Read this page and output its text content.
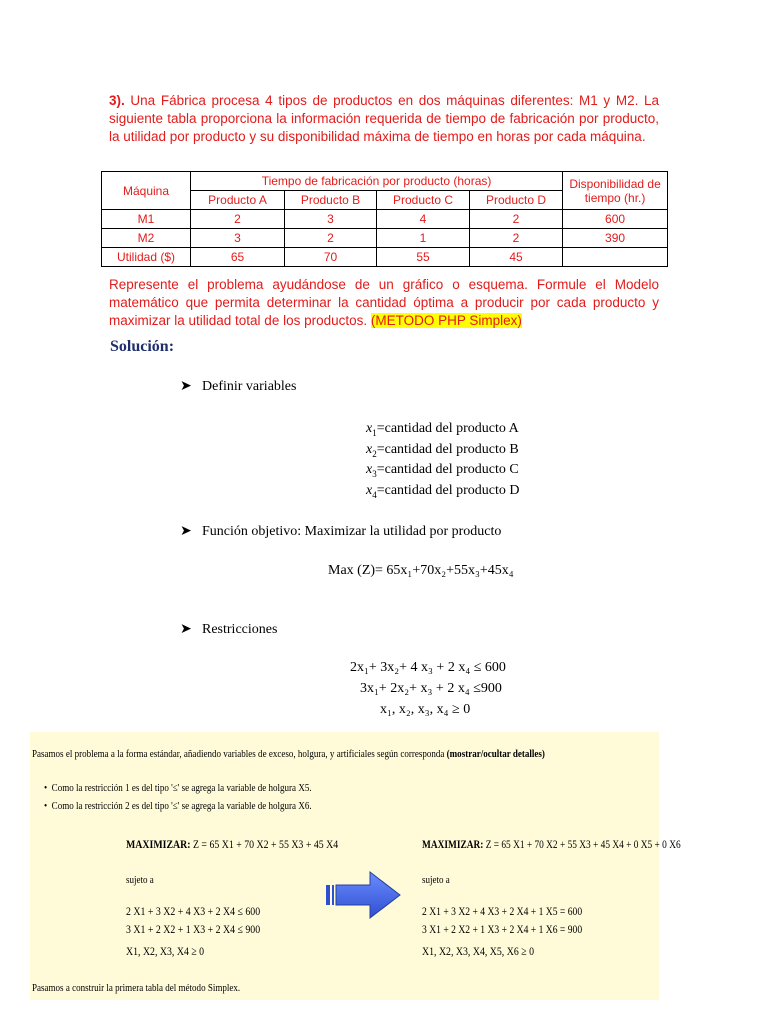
3). Una Fábrica procesa 4 tipos de productos en dos máquinas diferentes: M1 y M2. La siguiente tabla proporciona la información requerida de tiempo de fabricación por producto, la utilidad por producto y su disponibilidad máxima de tiempo en horas por cada máquina.
Máquina	Tiempo de fabricación por producto (horas)				Disponibilidad de tiempo (hr.)
	Producto A	Producto B	Producto C	Producto D	
M1	2	3	4	2	600
M2	3	2	1	2	390
Utilidad ($)	65	70	55	45	
Represente el problema ayudándose de un gráfico o esquema. Formule el Modelo matemático que permita determinar la cantidad óptima a producir por cada producto y maximizar la utilidad total de los productos. (METODO PHP Simplex)
Solución:
➤ Definir variables
$x_1=cantidad$ del producto A
$x_2=cantidad$ del producto B
$x_3=cantidad$ del producto C
$x_4=cantidad$ del producto D
➤ Función objetivo: Maximizar la utilidad por producto
Max (Z)= 65x₁+70x₂+55x₃+45x₄
➤ Restricciones
2x₁+ 3x₂+ 4 x₃ + 2 x₄ ≤ 600
3x₁+ 2x₂+ x₃ + 2 x₄ ≤900
x₁, x₂, x₃, x₄ ≥ 0
Pasamos el problema a la forma estándar, añadiendo variables de exceso, holgura, y artificiales según corresponda (mostrar/ocultar detalles)
• Como la restricción 1 es del tipo '≤' se agrega la variable de holgura X5.
• Como la restricción 2 es del tipo '≤' se agrega la variable de holgura X6.
MAXIMIZAR: Z = 65 X1 + 70 X2 + 55 X3 + 45 X4
sujeto a
2 X1 + 3 X2 + 4 X3 + 2 X4 ≤ 600
3 X1 + 2 X2 + 1 X3 + 2 X4 ≤ 900
X1, X2, X3, X4 ≥ 0
MAXIMIZAR: Z = 65 X1 + 70 X2 + 55 X3 + 45 X4 + 0 X5 + 0 X6
sujeto a
2 X1 + 3 X2 + 4 X3 + 2 X4 + 1 X5 = 600
3 X1 + 2 X2 + 1 X3 + 2 X4 + 1 X6 = 900
X1, X2, X3, X4, X5, X6 ≥ 0
Pasamos a construir la primera tabla del método Simplex.
